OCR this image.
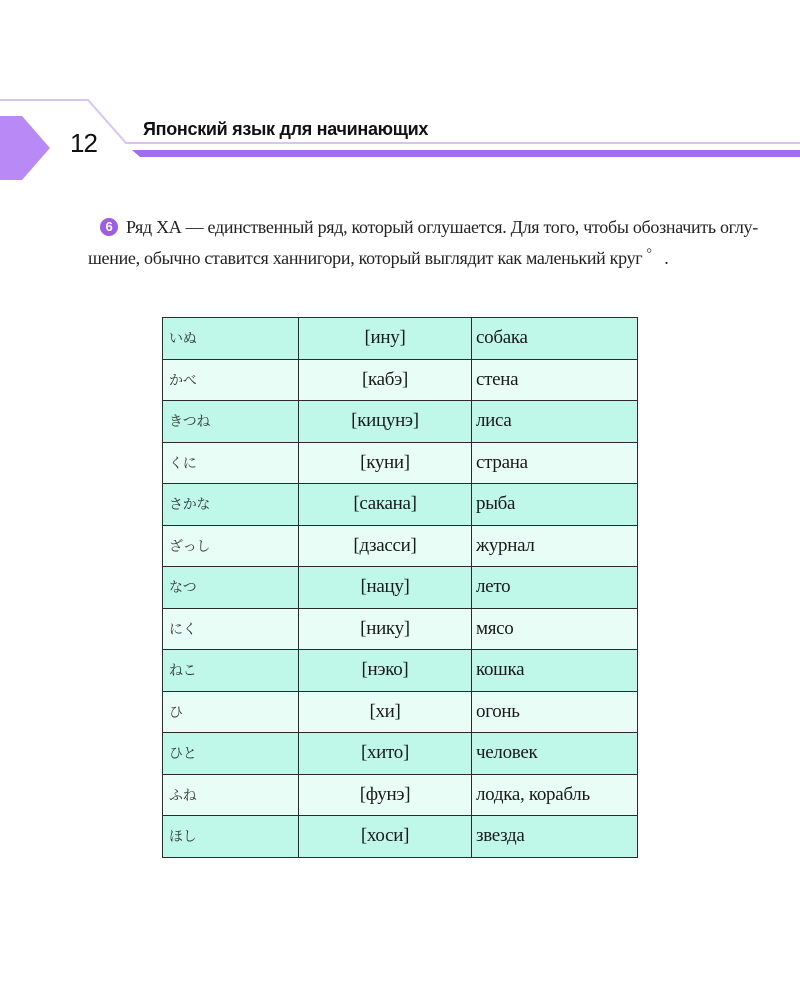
12	Японский язык для начинающих
6 Ряд ХА — единственный ряд, который оглушается. Для того, чтобы обозначить оглу-
шение, обычно ставится ханнигори, который выглядит как маленький круг ゜.
いぬ	[ину]	собака
かべ	[кабэ]	стена
きつね	[кицунэ]	лиса
くに	[куни]	страна
さかな	[сакана]	рыба
ざっし	[дзасси]	журнал
なつ	[нацу]	лето
にく	[нику]	мясо
ねこ	[нэко]	кошка
ひ	[хи]	огонь
ひと	[хито]	человек
ふね	[фунэ]	лодка, корабль
ほし	[хоси]	звезда
